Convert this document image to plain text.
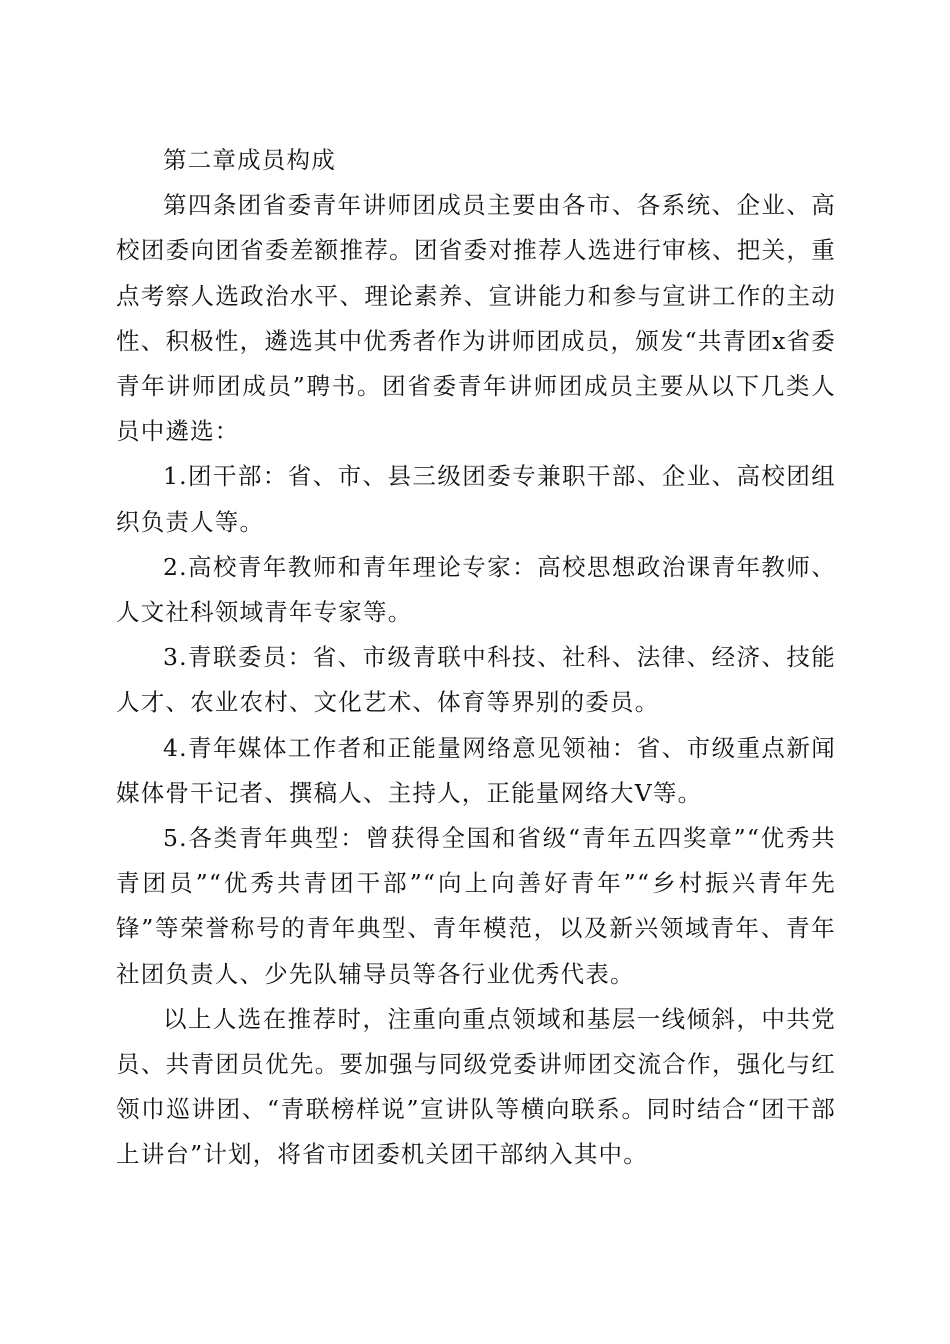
第二章成员构成

第四条团省委青年讲师团成员主要由各市、各系统、企业、高校团委向团省委差额推荐。团省委对推荐人选进行审核、把关，重点考察人选政治水平、理论素养、宣讲能力和参与宣讲工作的主动性、积极性，遴选其中优秀者作为讲师团成员，颁发“共青团x省委青年讲师团成员”聘书。团省委青年讲师团成员主要从以下几类人员中遴选：

1.团干部：省、市、县三级团委专兼职干部、企业、高校团组织负责人等。

2.高校青年教师和青年理论专家：高校思想政治课青年教师、人文社科领域青年专家等。

3.青联委员：省、市级青联中科技、社科、法律、经济、技能人才、农业农村、文化艺术、体育等界别的委员。

4.青年媒体工作者和正能量网络意见领袖：省、市级重点新闻媒体骨干记者、撰稿人、主持人，正能量网络大V等。

5.各类青年典型：曾获得全国和省级“青年五四奖章”“优秀共青团员”“优秀共青团干部”“向上向善好青年”“乡村振兴青年先锋”等荣誉称号的青年典型、青年模范，以及新兴领域青年、青年社团负责人、少先队辅导员等各行业优秀代表。

以上人选在推荐时，注重向重点领域和基层一线倾斜，中共党员、共青团员优先。要加强与同级党委讲师团交流合作，强化与红领巾巡讲团、“青联榜样说”宣讲队等横向联系。同时结合“团干部上讲台”计划，将省市团委机关团干部纳入其中。
